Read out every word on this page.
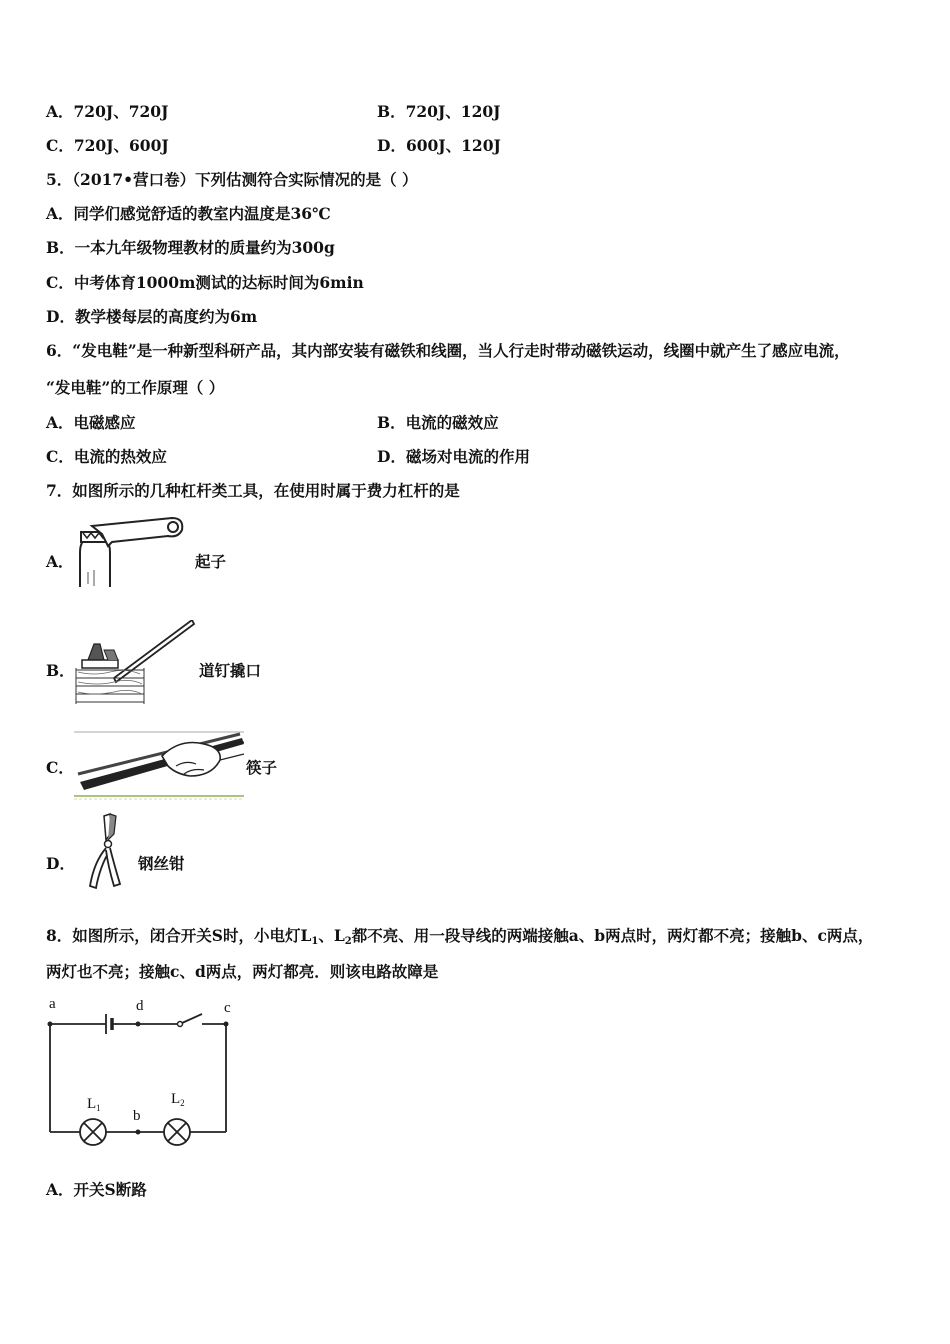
A．720J、720J	B．720J、120J
C．720J、600J	D．600J、120J
5．（2017•营口卷）下列估测符合实际情况的是（ ）
A．同学们感觉舒适的教室内温度是36℃
B．一本九年级物理教材的质量约为300g
C．中考体育1000m测试的达标时间为6min
D．教学楼每层的高度约为6m
6．“发电鞋”是一种新型科研产品，其内部安装有磁铁和线圈，当人行走时带动磁铁运动，线圈中就产生了感应电流，
“发电鞋”的工作原理（ ）
A．电磁感应	B．电流的磁效应
C．电流的热效应	D．磁场对电流的作用
7．如图所示的几种杠杆类工具，在使用时属于费力杠杆的是
A．	起子
B．	道钉撬口
C．	筷子
D．	钢丝钳
8．如图所示，闭合开关S时，小电灯$L_1$、$L_2$都不亮、用一段导线的两端接触a、b两点时，两灯都不亮；接触b、c两点，
两灯也不亮；接触c、d两点，两灯都亮．则该电路故障是
a	d	c
b
$L_1$
$L_2$
A．开关S断路
